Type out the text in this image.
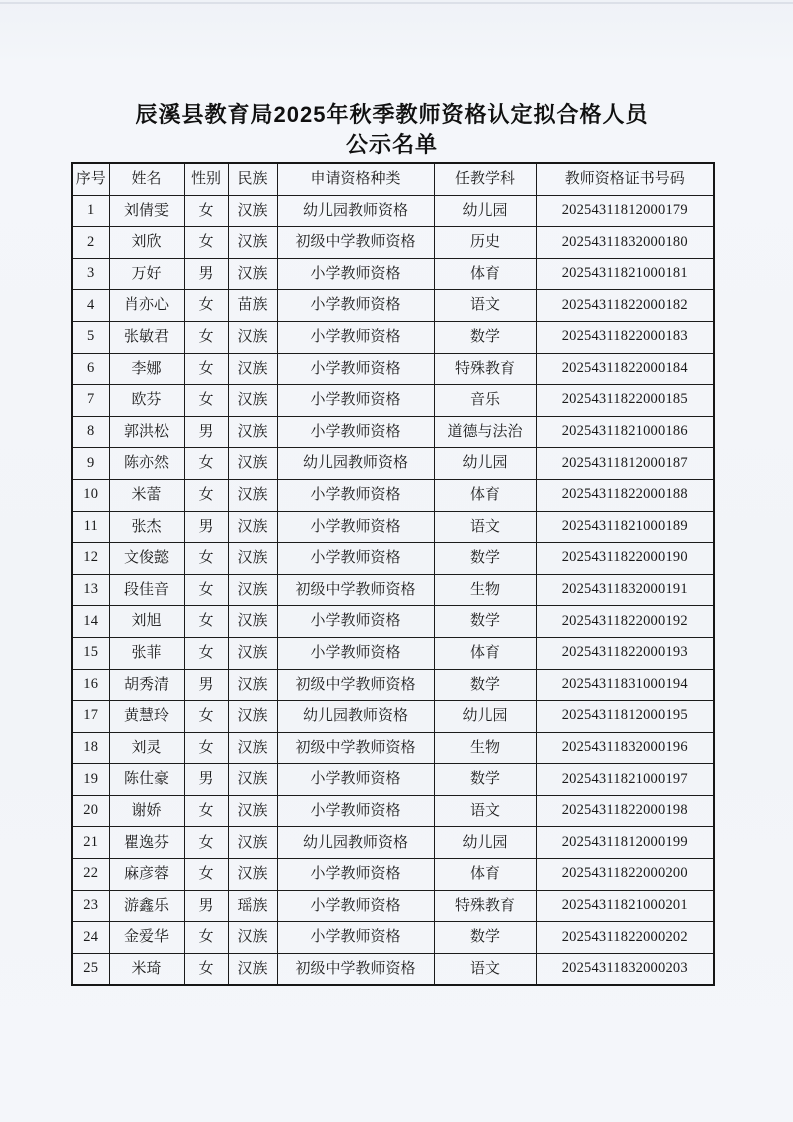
辰溪县教育局2025年秋季教师资格认定拟合格人员
公示名单
序号	姓名	性别	民族	申请资格种类	任教学科	教师资格证书号码
1	刘倩雯	女	汉族	幼儿园教师资格	幼儿园	20254311812000179
2	刘欣	女	汉族	初级中学教师资格	历史	20254311832000180
3	万好	男	汉族	小学教师资格	体育	20254311821000181
4	肖亦心	女	苗族	小学教师资格	语文	20254311822000182
5	张敏君	女	汉族	小学教师资格	数学	20254311822000183
6	李娜	女	汉族	小学教师资格	特殊教育	20254311822000184
7	欧芬	女	汉族	小学教师资格	音乐	20254311822000185
8	郭洪松	男	汉族	小学教师资格	道德与法治	20254311821000186
9	陈亦然	女	汉族	幼儿园教师资格	幼儿园	20254311812000187
10	米蕾	女	汉族	小学教师资格	体育	20254311822000188
11	张杰	男	汉族	小学教师资格	语文	20254311821000189
12	文俊懿	女	汉族	小学教师资格	数学	20254311822000190
13	段佳音	女	汉族	初级中学教师资格	生物	20254311832000191
14	刘旭	女	汉族	小学教师资格	数学	20254311822000192
15	张菲	女	汉族	小学教师资格	体育	20254311822000193
16	胡秀清	男	汉族	初级中学教师资格	数学	20254311831000194
17	黄慧玲	女	汉族	幼儿园教师资格	幼儿园	20254311812000195
18	刘灵	女	汉族	初级中学教师资格	生物	20254311832000196
19	陈仕豪	男	汉族	小学教师资格	数学	20254311821000197
20	谢娇	女	汉族	小学教师资格	语文	20254311822000198
21	瞿逸芬	女	汉族	幼儿园教师资格	幼儿园	20254311812000199
22	麻彦蓉	女	汉族	小学教师资格	体育	20254311822000200
23	游鑫乐	男	瑶族	小学教师资格	特殊教育	20254311821000201
24	金爱华	女	汉族	小学教师资格	数学	20254311822000202
25	米琦	女	汉族	初级中学教师资格	语文	20254311832000203
